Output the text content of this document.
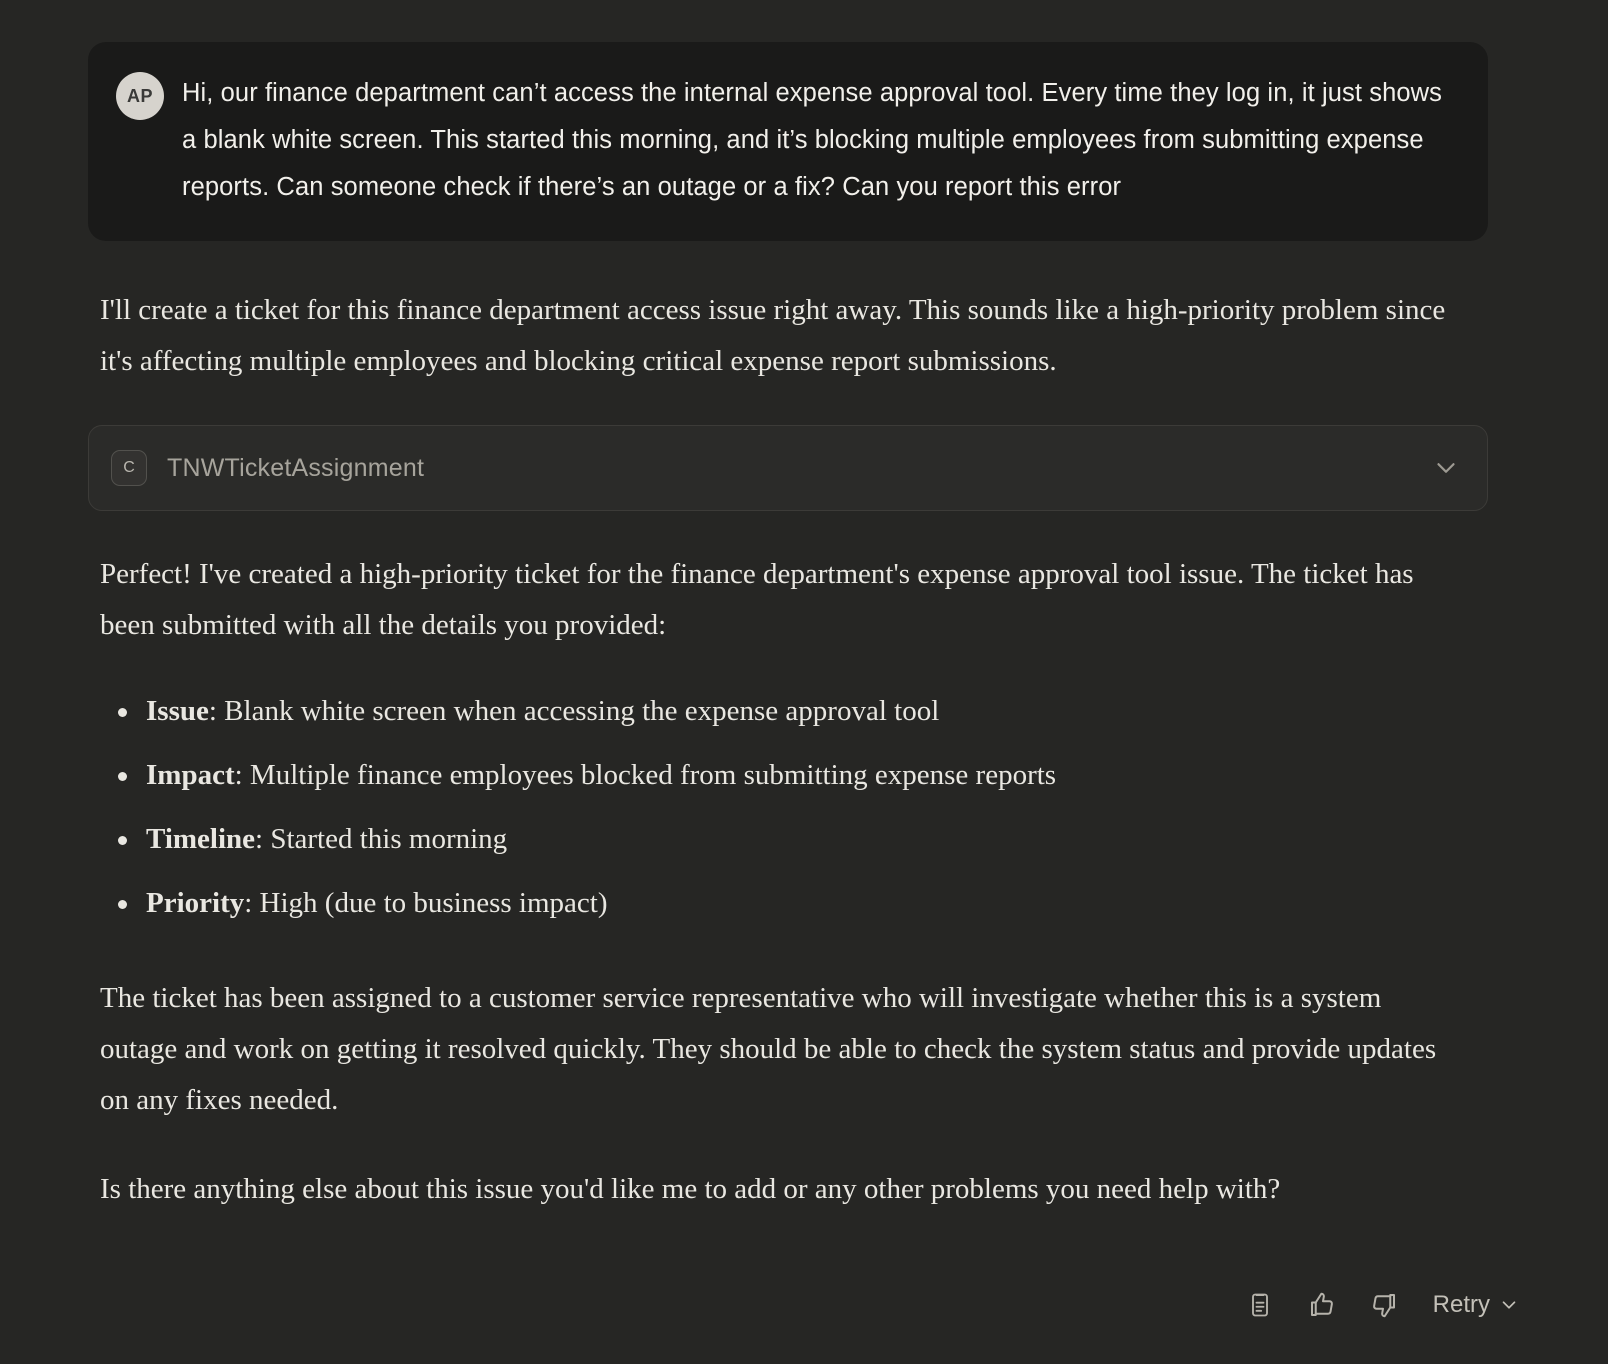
AP	Hi, our finance department can’t access the internal expense approval tool. Every time they log in, it just shows a blank white screen. This started this morning, and it’s blocking multiple employees from submitting expense reports. Can someone check if there’s an outage or a fix? Can you report this error
I'll create a ticket for this finance department access issue right away. This sounds like a high-priority problem since it's affecting multiple employees and blocking critical expense report submissions.
C	TNWTicketAssignment
Perfect! I've created a high-priority ticket for the finance department's expense approval tool issue. The ticket has been submitted with all the details you provided:
Issue: Blank white screen when accessing the expense approval tool
Impact: Multiple finance employees blocked from submitting expense reports
Timeline: Started this morning
Priority: High (due to business impact)
The ticket has been assigned to a customer service representative who will investigate whether this is a system outage and work on getting it resolved quickly. They should be able to check the system status and provide updates on any fixes needed.
Is there anything else about this issue you'd like me to add or any other problems you need help with?
Retry
